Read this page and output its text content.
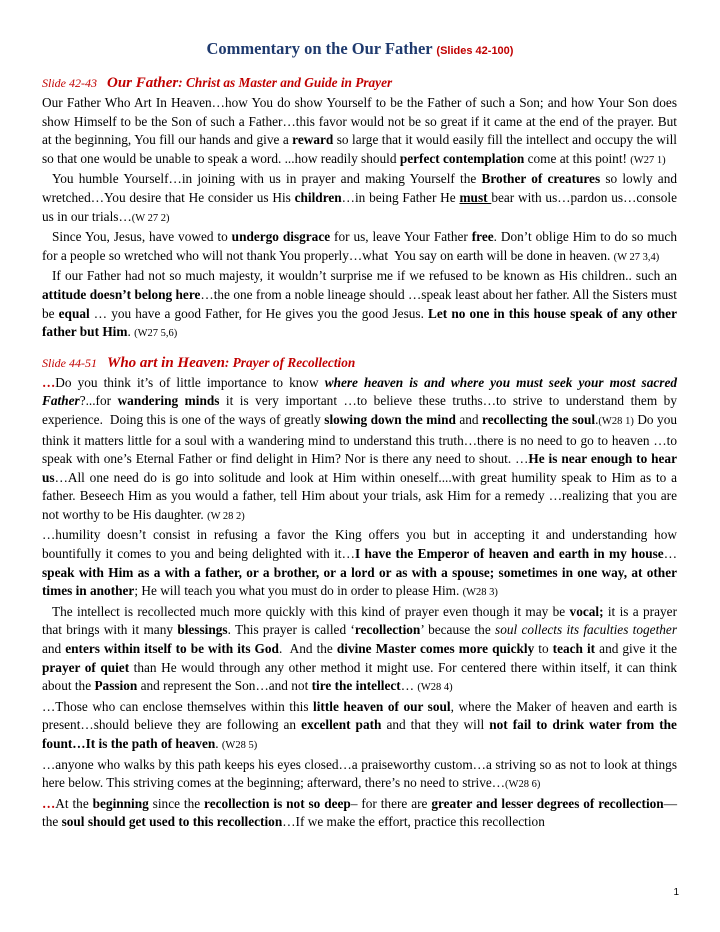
Commentary on the Our Father (Slides 42-100)
Slide 42-43 Our Father: Christ as Master and Guide in Prayer

Our Father Who Art In Heaven…how You do show Yourself to be the Father of such a Son; and how Your Son does show Himself to be the Son of such a Father…this favor would not be so great if it came at the end of the prayer. But at the beginning, You fill our hands and give a reward so large that it would easily fill the intellect and occupy the will so that one would be unable to speak a word. ...how readily should perfect contemplation come at this point! (W27 1)

You humble Yourself…in joining with us in prayer and making Yourself the Brother of creatures so lowly and wretched…You desire that He consider us His children…in being Father He must bear with us…pardon us…console us in our trials…(W 27 2)

Since You, Jesus, have vowed to undergo disgrace for us, leave Your Father free. Don’t oblige Him to do so much for a people so wretched who will not thank You properly…what  You say on earth will be done in heaven. (W 27 3,4)

If our Father had not so much majesty, it wouldn’t surprise me if we refused to be known as His children.. such an attitude doesn’t belong here…the one from a noble lineage should …speak least about her father. All the Sisters must be equal … you have a good Father, for He gives you the good Jesus. Let no one in this house speak of any other father but Him. (W27 5,6)

Slide 44-51 Who art in Heaven: Prayer of Recollection

…Do you think it’s of little importance to know where heaven is and where you must seek your most sacred Father?...for wandering minds it is very important …to believe these truths…to strive to understand them by experience.  Doing this is one of the ways of greatly slowing down the mind and recollecting the soul.(W28 1) Do you think it matters little for a soul with a wandering mind to understand this truth…there is no need to go to heaven …to speak with one’s Eternal Father or find delight in Him? Nor is there any need to shout. …He is near enough to hear us…All one need do is go into solitude and look at Him within oneself....with great humility speak to Him as to a father. Beseech Him as you would a father, tell Him about your trials, ask Him for a remedy …realizing that you are not worthy to be His daughter. (W 28 2)

…humility doesn’t consist in refusing a favor the King offers you but in accepting it and understanding how bountifully it comes to you and being delighted with it…I have the Emperor of heaven and earth in my house…speak with Him as a with a father, or a brother, or a lord or as with a spouse; sometimes in one way, at other times in another; He will teach you what you must do in order to please Him. (W28 3)

The intellect is recollected much more quickly with this kind of prayer even though it may be vocal; it is a prayer that brings with it many blessings. This prayer is called ‘recollection’ because the soul collects its faculties together and enters within itself to be with its God.  And the divine Master comes more quickly to teach it and give it the prayer of quiet than He would through any other method it might use. For centered there within itself, it can think about the Passion and represent the Son…and not tire the intellect… (W28 4)

…Those who can enclose themselves within this little heaven of our soul, where the Maker of heaven and earth is present…should believe they are following an excellent path and that they will not fail to drink water from the fount…It is the path of heaven. (W28 5)

…anyone who walks by this path keeps his eyes closed…a praiseworthy custom…a striving so as not to look at things here below. This striving comes at the beginning; afterward, there’s no need to strive…(W28 6)

…At the beginning since the recollection is not so deep– for there are greater and lesser degrees of recollection—the soul should get used to this recollection…If we make the effort, practice this recollection

1
